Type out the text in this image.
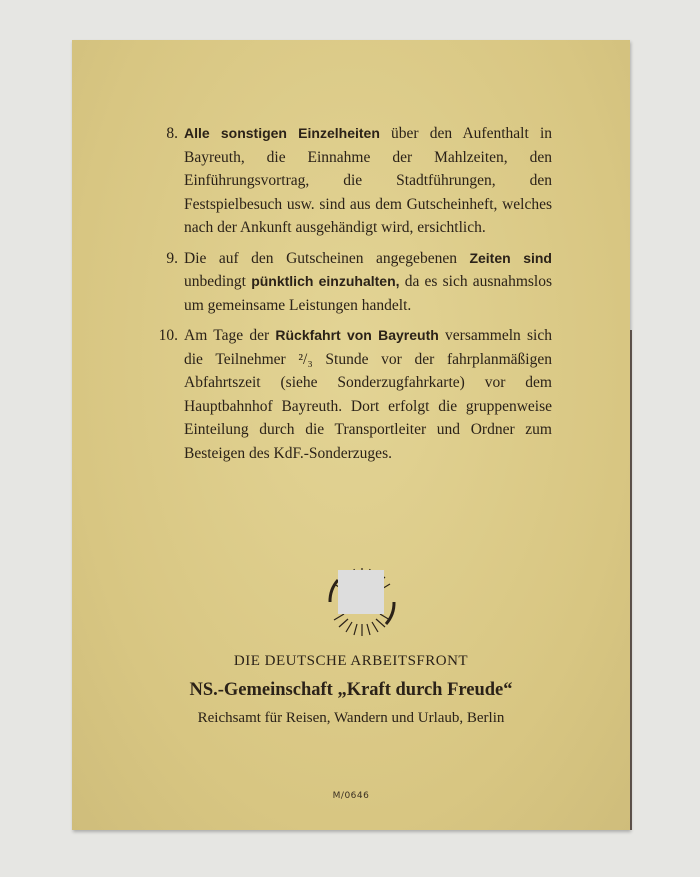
8. Alle sonstigen Einzelheiten über den Aufenthalt in Bayreuth, die Einnahme der Mahlzeiten, den Einführungsvortrag, die Stadtführungen, den Festspielbesuch usw. sind aus dem Gutscheinheft, welches nach der Ankunft ausgehändigt wird, ersichtlich.
9. Die auf den Gutscheinen angegebenen Zeiten sind unbedingt pünktlich einzuhalten, da es sich ausnahmslos um gemeinsame Leistungen handelt.
10. Am Tage der Rückfahrt von Bayreuth versammeln sich die Teilnehmer ²/₃ Stunde vor der fahrplanmäßigen Abfahrtszeit (siehe Sonderzugfahrkarte) vor dem Hauptbahnhof Bayreuth. Dort erfolgt die gruppenweise Einteilung durch die Transportleiter und Ordner zum Besteigen des KdF.-Sonderzuges.
DIE DEUTSCHE ARBEITSFRONT
NS.-Gemeinschaft „Kraft durch Freude“
Reichsamt für Reisen, Wandern und Urlaub, Berlin
M/0646
